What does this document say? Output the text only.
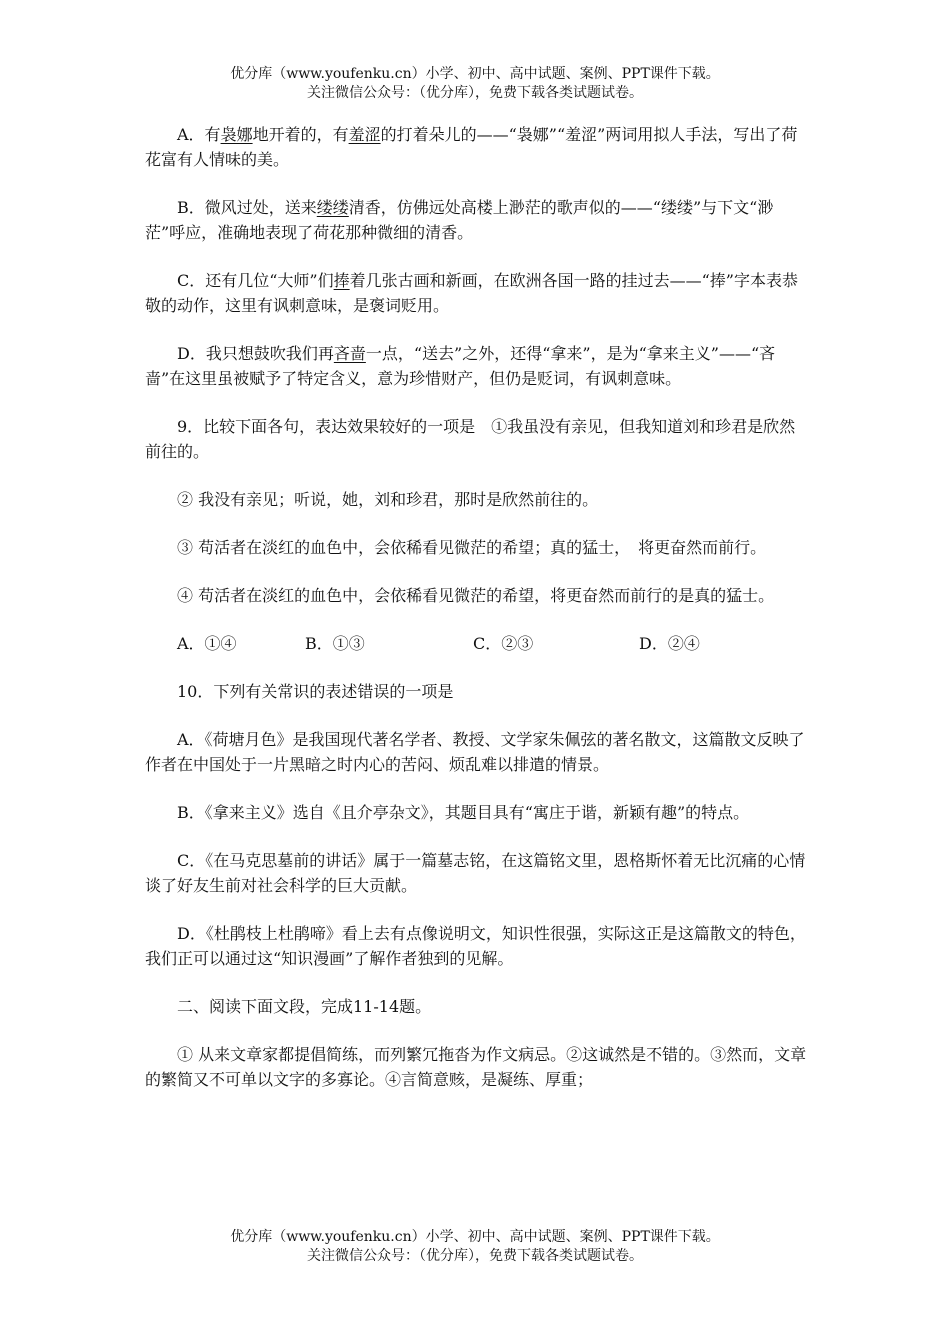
优分库（www.youfenku.cn）小学、初中、高中试题、案例、PPT课件下载。
关注微信公众号：（优分库），免费下载各类试题试卷。

A．有袅娜地开着的，有羞涩的打着朵儿的——“袅娜”“羞涩”两词用拟人手法，写出了荷花富有人情味的美。

B．微风过处，送来缕缕清香，仿佛远处高楼上渺茫的歌声似的——“缕缕”与下文“渺茫”呼应，准确地表现了荷花那种微细的清香。

C．还有几位“大师”们捧着几张古画和新画，在欧洲各国一路的挂过去——“捧”字本表恭敬的动作，这里有讽刺意味，是褒词贬用。

D．我只想鼓吹我们再吝啬一点，“送去”之外，还得“拿来”，是为“拿来主义”——“吝啬”在这里虽被赋予了特定含义，意为珍惜财产，但仍是贬词，有讽刺意味。

9．比较下面各句，表达效果较好的一项是　①我虽没有亲见，但我知道刘和珍君是欣然前往的。

② 我没有亲见；听说，她，刘和珍君，那时是欣然前往的。

③ 苟活者在淡红的血色中，会依稀看见微茫的希望；真的猛士，　将更奋然而前行。

④ 苟活者在淡红的血色中，会依稀看见微茫的希望，将更奋然而前行的是真的猛士。

A．①④	B．①③	C．②③	D．②④

10．下列有关常识的表述错误的一项是

A．《荷塘月色》是我国现代著名学者、教授、文学家朱佩弦的著名散文，这篇散文反映了作者在中国处于一片黑暗之时内心的苦闷、烦乱难以排遣的情景。

B．《拿来主义》选自《且介亭杂文》，其题目具有“寓庄于谐，新颖有趣”的特点。

C．《在马克思墓前的讲话》属于一篇墓志铭，在这篇铭文里，恩格斯怀着无比沉痛的心情谈了好友生前对社会科学的巨大贡献。

D．《杜鹃枝上杜鹃啼》看上去有点像说明文，知识性很强，实际这正是这篇散文的特色，我们正可以通过这“知识漫画”了解作者独到的见解。

二、阅读下面文段，完成11-14题。

① 从来文章家都提倡简练，而列繁冗拖沓为作文病忌。②这诚然是不错的。③然而，文章的繁简又不可单以文字的多寡论。④言简意赅，是凝练、厚重；

优分库（www.youfenku.cn）小学、初中、高中试题、案例、PPT课件下载。
关注微信公众号：（优分库），免费下载各类试题试卷。
